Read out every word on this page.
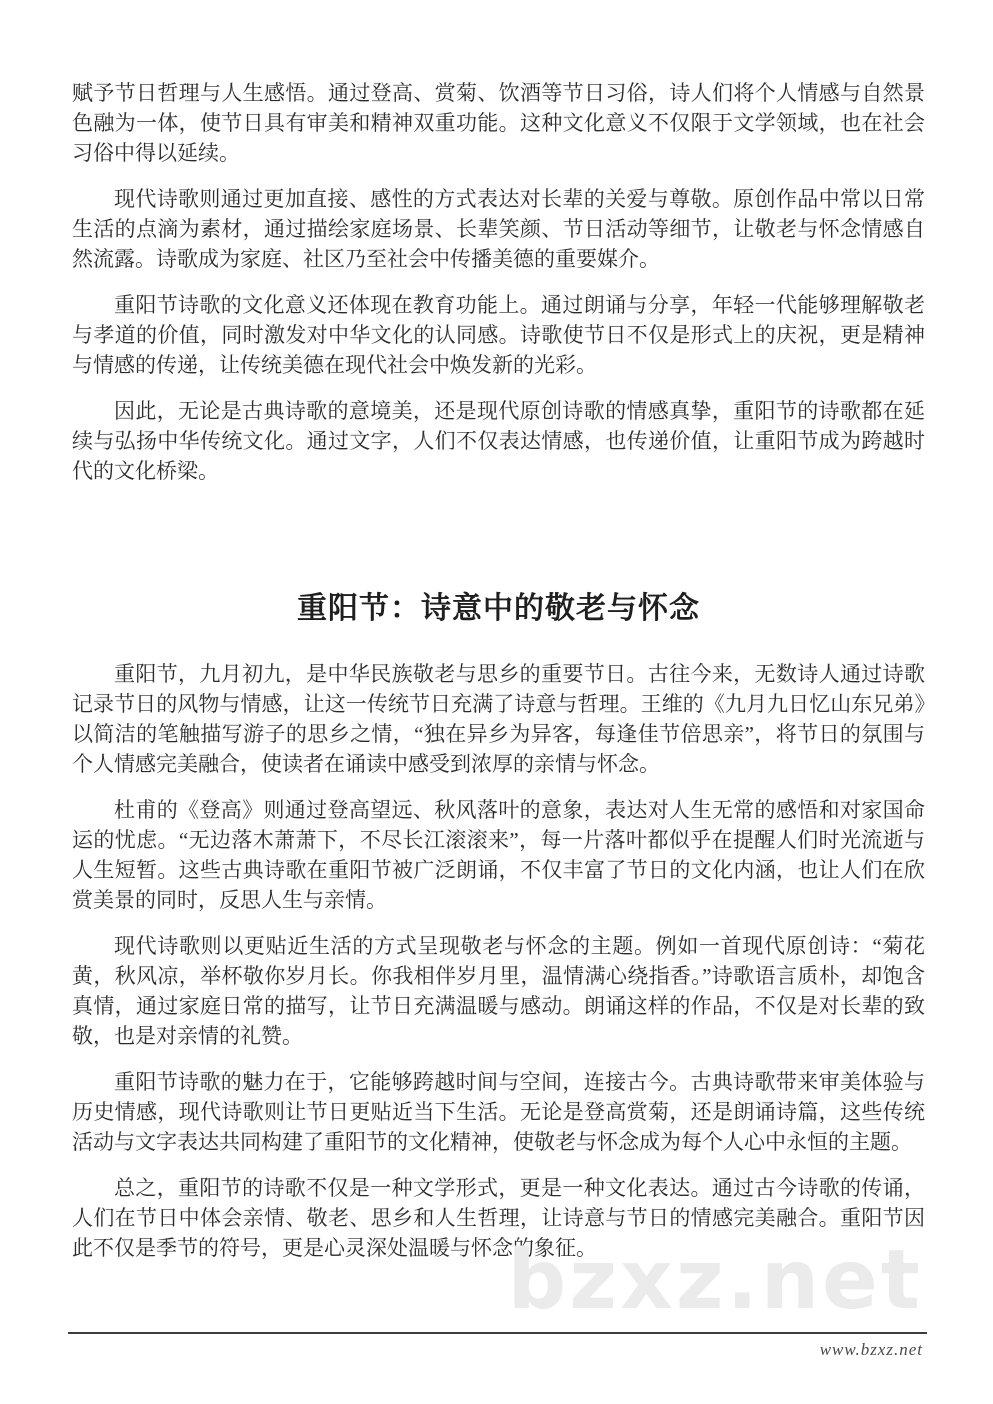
赋予节日哲理与人生感悟。通过登高、赏菊、饮酒等节日习俗，诗人们将个人情感与自然景色融为一体，使节日具有审美和精神双重功能。这种文化意义不仅限于文学领域，也在社会习俗中得以延续。

现代诗歌则通过更加直接、感性的方式表达对长辈的关爱与尊敬。原创作品中常以日常生活的点滴为素材，通过描绘家庭场景、长辈笑颜、节日活动等细节，让敬老与怀念情感自然流露。诗歌成为家庭、社区乃至社会中传播美德的重要媒介。

重阳节诗歌的文化意义还体现在教育功能上。通过朗诵与分享，年轻一代能够理解敬老与孝道的价值，同时激发对中华文化的认同感。诗歌使节日不仅是形式上的庆祝，更是精神与情感的传递，让传统美德在现代社会中焕发新的光彩。

因此，无论是古典诗歌的意境美，还是现代原创诗歌的情感真挚，重阳节的诗歌都在延续与弘扬中华传统文化。通过文字，人们不仅表达情感，也传递价值，让重阳节成为跨越时代的文化桥梁。

重阳节：诗意中的敬老与怀念

重阳节，九月初九，是中华民族敬老与思乡的重要节日。古往今来，无数诗人通过诗歌记录节日的风物与情感，让这一传统节日充满了诗意与哲理。王维的《九月九日忆山东兄弟》以简洁的笔触描写游子的思乡之情，“独在异乡为异客，每逢佳节倍思亲”，将节日的氛围与个人情感完美融合，使读者在诵读中感受到浓厚的亲情与怀念。

杜甫的《登高》则通过登高望远、秋风落叶的意象，表达对人生无常的感悟和对家国命运的忧虑。“无边落木萧萧下，不尽长江滚滚来”，每一片落叶都似乎在提醒人们时光流逝与人生短暂。这些古典诗歌在重阳节被广泛朗诵，不仅丰富了节日的文化内涵，也让人们在欣赏美景的同时，反思人生与亲情。

现代诗歌则以更贴近生活的方式呈现敬老与怀念的主题。例如一首现代原创诗：“菊花黄，秋风凉，举杯敬你岁月长。你我相伴岁月里，温情满心绕指香。”诗歌语言质朴，却饱含真情，通过家庭日常的描写，让节日充满温暖与感动。朗诵这样的作品，不仅是对长辈的致敬，也是对亲情的礼赞。

重阳节诗歌的魅力在于，它能够跨越时间与空间，连接古今。古典诗歌带来审美体验与历史情感，现代诗歌则让节日更贴近当下生活。无论是登高赏菊，还是朗诵诗篇，这些传统活动与文字表达共同构建了重阳节的文化精神，使敬老与怀念成为每个人心中永恒的主题。

总之，重阳节的诗歌不仅是一种文学形式，更是一种文化表达。通过古今诗歌的传诵，人们在节日中体会亲情、敬老、思乡和人生哲理，让诗意与节日的情感完美融合。重阳节因此不仅是季节的符号，更是心灵深处温暖与怀念的象征。

bzxz.net
www.bzxz.net
